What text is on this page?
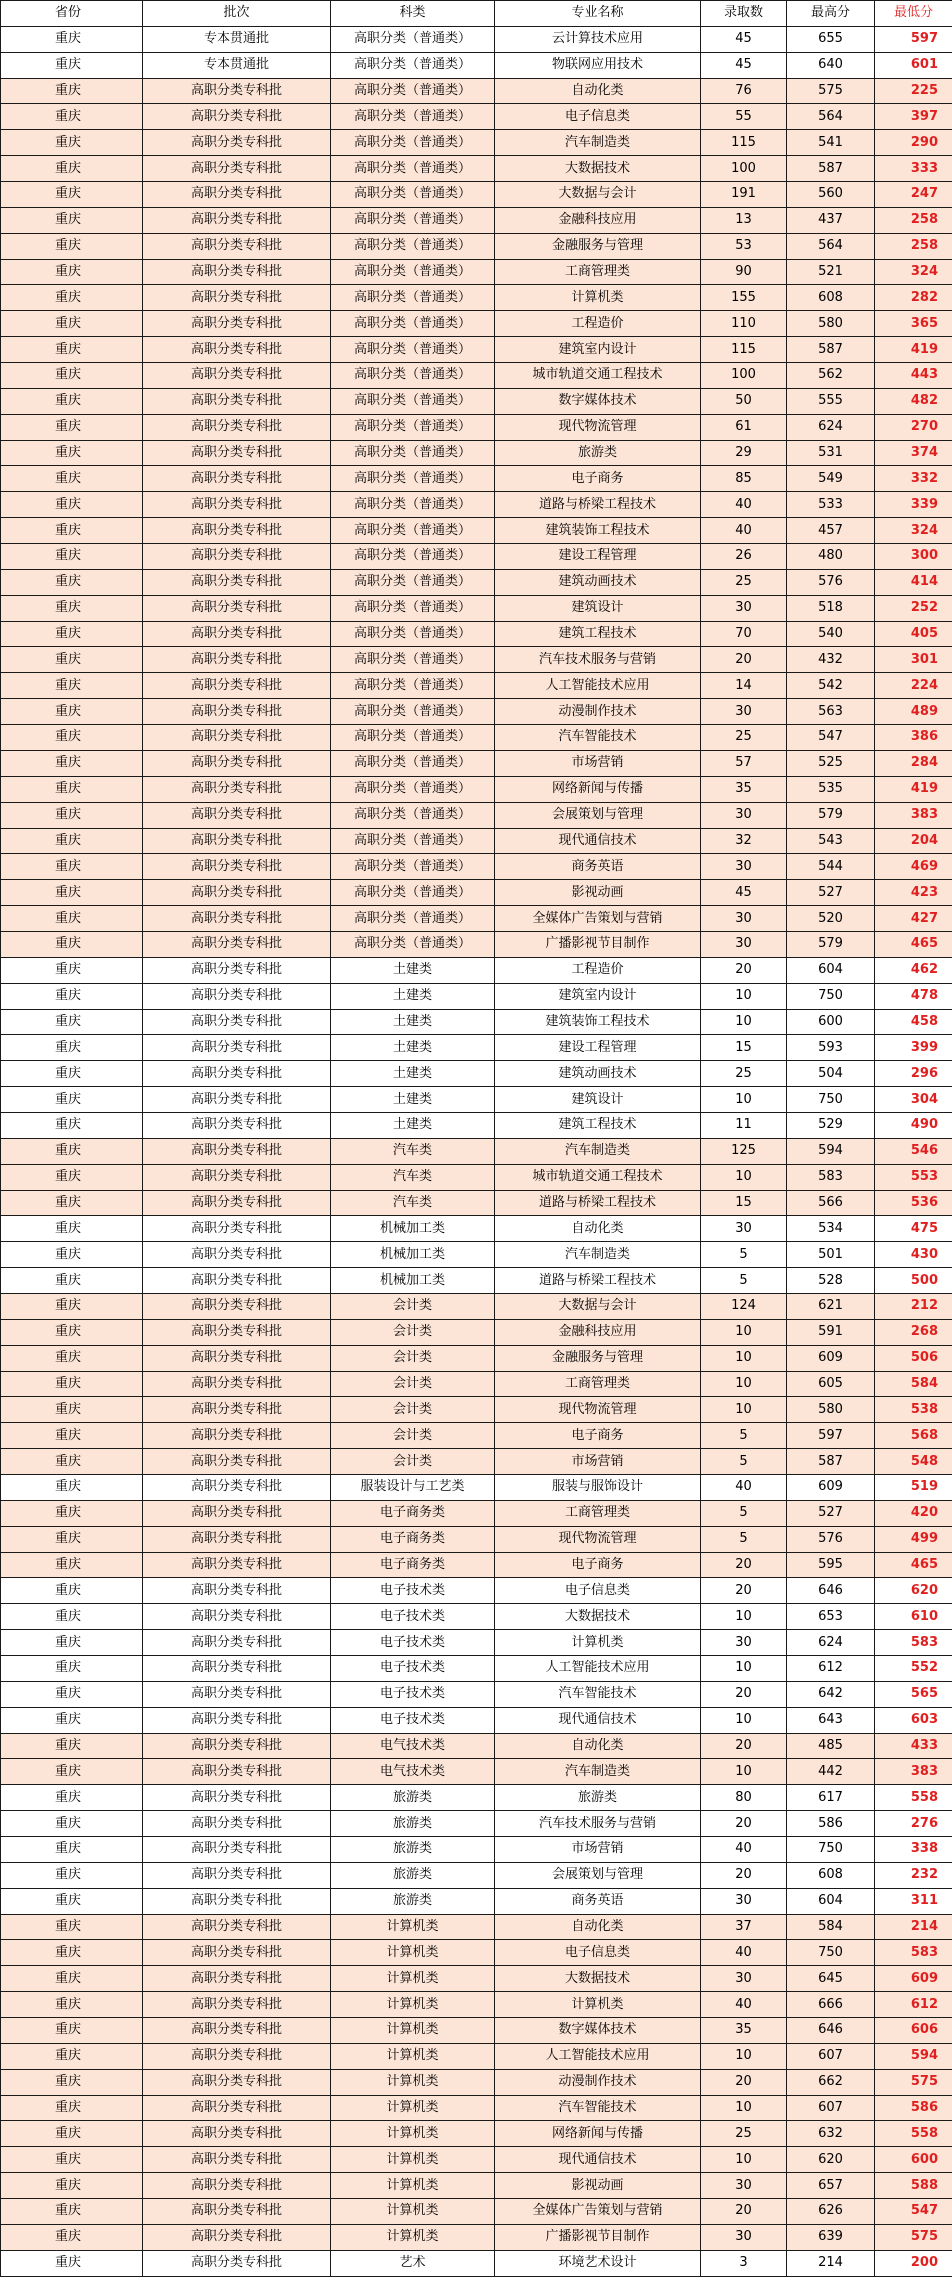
省份	批次	科类	专业名称	录取数	最高分	最低分
重庆	专本贯通批	高职分类（普通类）	云计算技术应用	45	655	597
重庆	专本贯通批	高职分类（普通类）	物联网应用技术	45	640	601
重庆	高职分类专科批	高职分类（普通类）	自动化类	76	575	225
重庆	高职分类专科批	高职分类（普通类）	电子信息类	55	564	397
重庆	高职分类专科批	高职分类（普通类）	汽车制造类	115	541	290
重庆	高职分类专科批	高职分类（普通类）	大数据技术	100	587	333
重庆	高职分类专科批	高职分类（普通类）	大数据与会计	191	560	247
重庆	高职分类专科批	高职分类（普通类）	金融科技应用	13	437	258
重庆	高职分类专科批	高职分类（普通类）	金融服务与管理	53	564	258
重庆	高职分类专科批	高职分类（普通类）	工商管理类	90	521	324
重庆	高职分类专科批	高职分类（普通类）	计算机类	155	608	282
重庆	高职分类专科批	高职分类（普通类）	工程造价	110	580	365
重庆	高职分类专科批	高职分类（普通类）	建筑室内设计	115	587	419
重庆	高职分类专科批	高职分类（普通类）	城市轨道交通工程技术	100	562	443
重庆	高职分类专科批	高职分类（普通类）	数字媒体技术	50	555	482
重庆	高职分类专科批	高职分类（普通类）	现代物流管理	61	624	270
重庆	高职分类专科批	高职分类（普通类）	旅游类	29	531	374
重庆	高职分类专科批	高职分类（普通类）	电子商务	85	549	332
重庆	高职分类专科批	高职分类（普通类）	道路与桥梁工程技术	40	533	339
重庆	高职分类专科批	高职分类（普通类）	建筑装饰工程技术	40	457	324
重庆	高职分类专科批	高职分类（普通类）	建设工程管理	26	480	300
重庆	高职分类专科批	高职分类（普通类）	建筑动画技术	25	576	414
重庆	高职分类专科批	高职分类（普通类）	建筑设计	30	518	252
重庆	高职分类专科批	高职分类（普通类）	建筑工程技术	70	540	405
重庆	高职分类专科批	高职分类（普通类）	汽车技术服务与营销	20	432	301
重庆	高职分类专科批	高职分类（普通类）	人工智能技术应用	14	542	224
重庆	高职分类专科批	高职分类（普通类）	动漫制作技术	30	563	489
重庆	高职分类专科批	高职分类（普通类）	汽车智能技术	25	547	386
重庆	高职分类专科批	高职分类（普通类）	市场营销	57	525	284
重庆	高职分类专科批	高职分类（普通类）	网络新闻与传播	35	535	419
重庆	高职分类专科批	高职分类（普通类）	会展策划与管理	30	579	383
重庆	高职分类专科批	高职分类（普通类）	现代通信技术	32	543	204
重庆	高职分类专科批	高职分类（普通类）	商务英语	30	544	469
重庆	高职分类专科批	高职分类（普通类）	影视动画	45	527	423
重庆	高职分类专科批	高职分类（普通类）	全媒体广告策划与营销	30	520	427
重庆	高职分类专科批	高职分类（普通类）	广播影视节目制作	30	579	465
重庆	高职分类专科批	土建类	工程造价	20	604	462
重庆	高职分类专科批	土建类	建筑室内设计	10	750	478
重庆	高职分类专科批	土建类	建筑装饰工程技术	10	600	458
重庆	高职分类专科批	土建类	建设工程管理	15	593	399
重庆	高职分类专科批	土建类	建筑动画技术	25	504	296
重庆	高职分类专科批	土建类	建筑设计	10	750	304
重庆	高职分类专科批	土建类	建筑工程技术	11	529	490
重庆	高职分类专科批	汽车类	汽车制造类	125	594	546
重庆	高职分类专科批	汽车类	城市轨道交通工程技术	10	583	553
重庆	高职分类专科批	汽车类	道路与桥梁工程技术	15	566	536
重庆	高职分类专科批	机械加工类	自动化类	30	534	475
重庆	高职分类专科批	机械加工类	汽车制造类	5	501	430
重庆	高职分类专科批	机械加工类	道路与桥梁工程技术	5	528	500
重庆	高职分类专科批	会计类	大数据与会计	124	621	212
重庆	高职分类专科批	会计类	金融科技应用	10	591	268
重庆	高职分类专科批	会计类	金融服务与管理	10	609	506
重庆	高职分类专科批	会计类	工商管理类	10	605	584
重庆	高职分类专科批	会计类	现代物流管理	10	580	538
重庆	高职分类专科批	会计类	电子商务	5	597	568
重庆	高职分类专科批	会计类	市场营销	5	587	548
重庆	高职分类专科批	服装设计与工艺类	服装与服饰设计	40	609	519
重庆	高职分类专科批	电子商务类	工商管理类	5	527	420
重庆	高职分类专科批	电子商务类	现代物流管理	5	576	499
重庆	高职分类专科批	电子商务类	电子商务	20	595	465
重庆	高职分类专科批	电子技术类	电子信息类	20	646	620
重庆	高职分类专科批	电子技术类	大数据技术	10	653	610
重庆	高职分类专科批	电子技术类	计算机类	30	624	583
重庆	高职分类专科批	电子技术类	人工智能技术应用	10	612	552
重庆	高职分类专科批	电子技术类	汽车智能技术	20	642	565
重庆	高职分类专科批	电子技术类	现代通信技术	10	643	603
重庆	高职分类专科批	电气技术类	自动化类	20	485	433
重庆	高职分类专科批	电气技术类	汽车制造类	10	442	383
重庆	高职分类专科批	旅游类	旅游类	80	617	558
重庆	高职分类专科批	旅游类	汽车技术服务与营销	20	586	276
重庆	高职分类专科批	旅游类	市场营销	40	750	338
重庆	高职分类专科批	旅游类	会展策划与管理	20	608	232
重庆	高职分类专科批	旅游类	商务英语	30	604	311
重庆	高职分类专科批	计算机类	自动化类	37	584	214
重庆	高职分类专科批	计算机类	电子信息类	40	750	583
重庆	高职分类专科批	计算机类	大数据技术	30	645	609
重庆	高职分类专科批	计算机类	计算机类	40	666	612
重庆	高职分类专科批	计算机类	数字媒体技术	35	646	606
重庆	高职分类专科批	计算机类	人工智能技术应用	10	607	594
重庆	高职分类专科批	计算机类	动漫制作技术	20	662	575
重庆	高职分类专科批	计算机类	汽车智能技术	10	607	586
重庆	高职分类专科批	计算机类	网络新闻与传播	25	632	558
重庆	高职分类专科批	计算机类	现代通信技术	10	620	600
重庆	高职分类专科批	计算机类	影视动画	30	657	588
重庆	高职分类专科批	计算机类	全媒体广告策划与营销	20	626	547
重庆	高职分类专科批	计算机类	广播影视节目制作	30	639	575
重庆	高职分类专科批	艺术	环境艺术设计	3	214	200
